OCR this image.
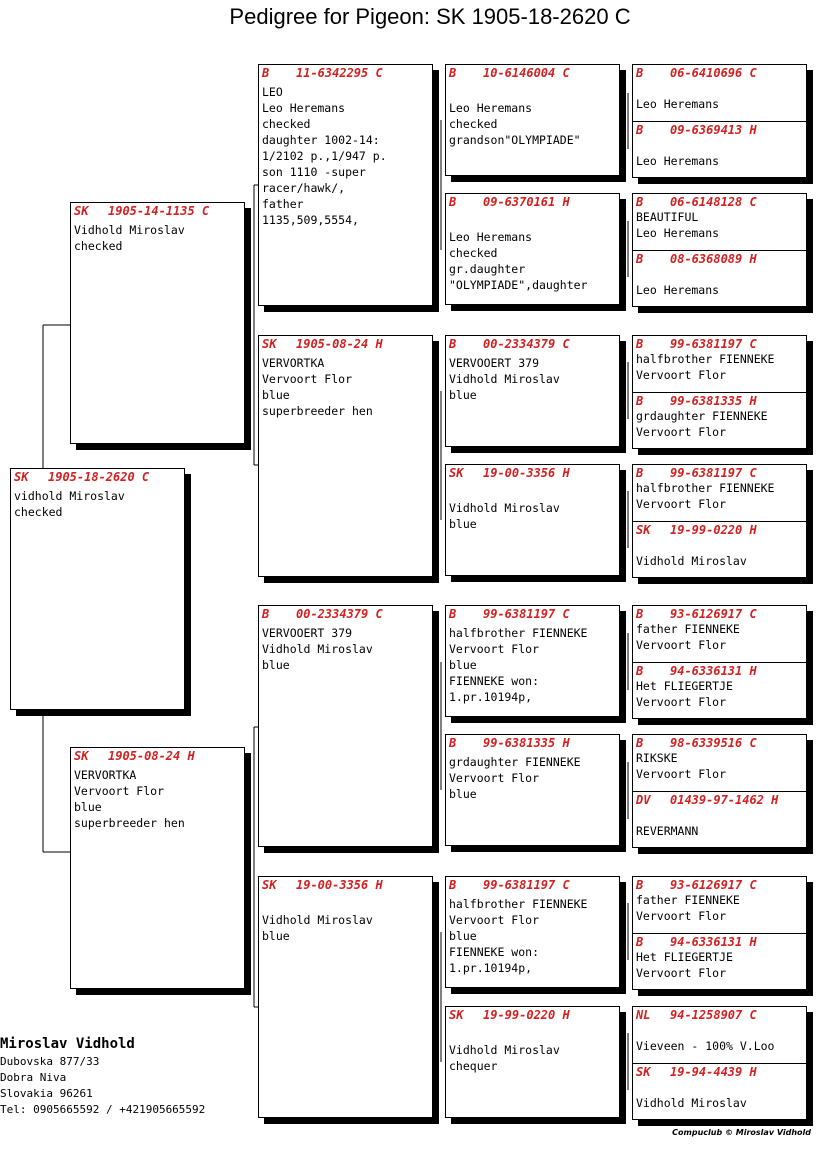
Pedigree for Pigeon: SK 1905-18-2620 C
SK	1905-18-2620 C
vidhold Miroslav
checked
SK	1905-14-1135 C
Vidhold Miroslav
checked
SK	1905-08-24 H
VERVORTKA
Vervoort Flor
blue
superbreeder hen
B	11-6342295 C
LEO
Leo Heremans
checked
daughter 1002-14:
1/2102 p.,1/947 p.
son 1110 -super
racer/hawk/,
father
1135,509,5554,
SK	1905-08-24 H
VERVORTKA
Vervoort Flor
blue
superbreeder hen
B	00-2334379 C
VERVOOERT 379
Vidhold Miroslav
blue
SK	19-00-3356 H

Vidhold Miroslav
blue
B	10-6146004 C

Leo Heremans
checked
grandson"OLYMPIADE"
B	09-6370161 H

Leo Heremans
checked
gr.daughter
"OLYMPIADE",daughter
B	00-2334379 C
VERVOOERT 379
Vidhold Miroslav
blue
SK	19-00-3356 H

Vidhold Miroslav
blue
B	99-6381197 C
halfbrother FIENNEKE
Vervoort Flor
blue
FIENNEKE won:
1.pr.10194p,
B	99-6381335 H
grdaughter FIENNEKE
Vervoort Flor
blue
B	99-6381197 C
halfbrother FIENNEKE
Vervoort Flor
blue
FIENNEKE won:
1.pr.10194p,
SK	19-99-0220 H

Vidhold Miroslav
chequer
B	06-6410696 C

Leo Heremans
B	09-6369413 H

Leo Heremans
B	06-6148128 C
BEAUTIFUL
Leo Heremans
B	08-6368089 H

Leo Heremans
B	99-6381197 C
halfbrother FIENNEKE
Vervoort Flor
B	99-6381335 H
grdaughter FIENNEKE
Vervoort Flor
B	99-6381197 C
halfbrother FIENNEKE
Vervoort Flor
SK	19-99-0220 H

Vidhold Miroslav
B	93-6126917 C
father FIENNEKE
Vervoort Flor
B	94-6336131 H
Het FLIEGERTJE
Vervoort Flor
B	98-6339516 C
RIKSKE
Vervoort Flor
DV	01439-97-1462 H

REVERMANN
B	93-6126917 C
father FIENNEKE
Vervoort Flor
B	94-6336131 H
Het FLIEGERTJE
Vervoort Flor
NL	94-1258907 C

Vieveen - 100% V.Loo
SK	19-94-4439 H

Vidhold Miroslav
Miroslav Vidhold
Dubovska 877/33
Dobra Niva
Slovakia 96261
Tel: 0905665592 / +421905665592
Compuclub © Miroslav Vidhold
